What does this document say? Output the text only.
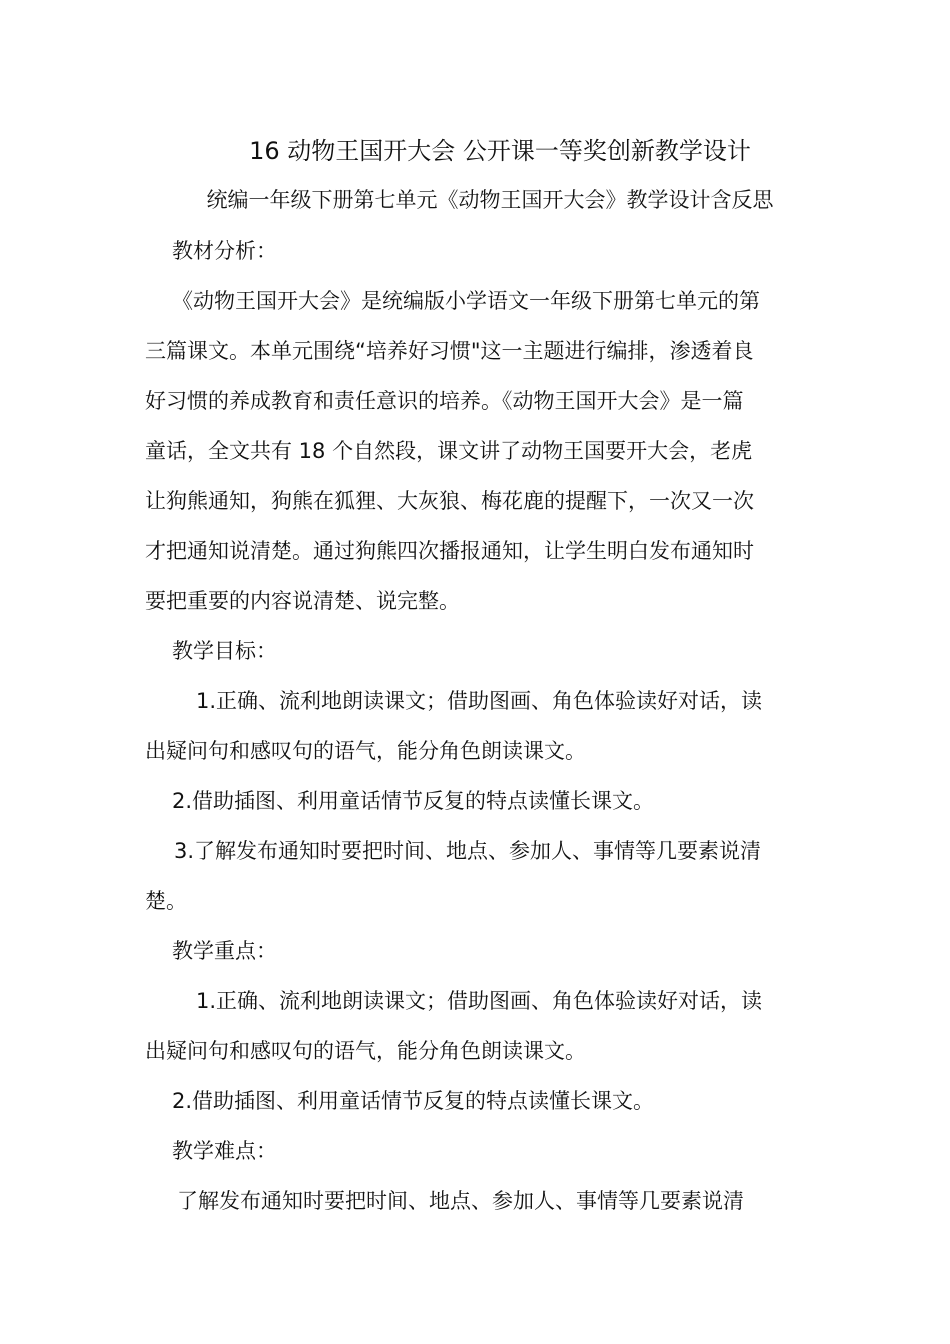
16 动物王国开大会 公开课一等奖创新教学设计
统编一年级下册第七单元《动物王国开大会》教学设计含反思
教材分析：
《动物王国开大会》是统编版小学语文一年级下册第七单元的第
三篇课文。本单元围绕“培养好习惯"这一主题进行编排，渗透着良
好习惯的养成教育和责任意识的培养。《动物王国开大会》是一篇
童话，全文共有 18 个自然段，课文讲了动物王国要开大会，老虎
让狗熊通知，狗熊在狐狸、大灰狼、梅花鹿的提醒下，一次又一次
才把通知说清楚。通过狗熊四次播报通知，让学生明白发布通知时
要把重要的内容说清楚、说完整。
教学目标：
1.正确、流利地朗读课文；借助图画、角色体验读好对话，读
出疑问句和感叹句的语气，能分角色朗读课文。
2.借助插图、利用童话情节反复的特点读懂长课文。
3.了解发布通知时要把时间、地点、参加人、事情等几要素说清
楚。
教学重点：
1.正确、流利地朗读课文；借助图画、角色体验读好对话，读
出疑问句和感叹句的语气，能分角色朗读课文。
2.借助插图、利用童话情节反复的特点读懂长课文。
教学难点：
了解发布通知时要把时间、地点、参加人、事情等几要素说清
